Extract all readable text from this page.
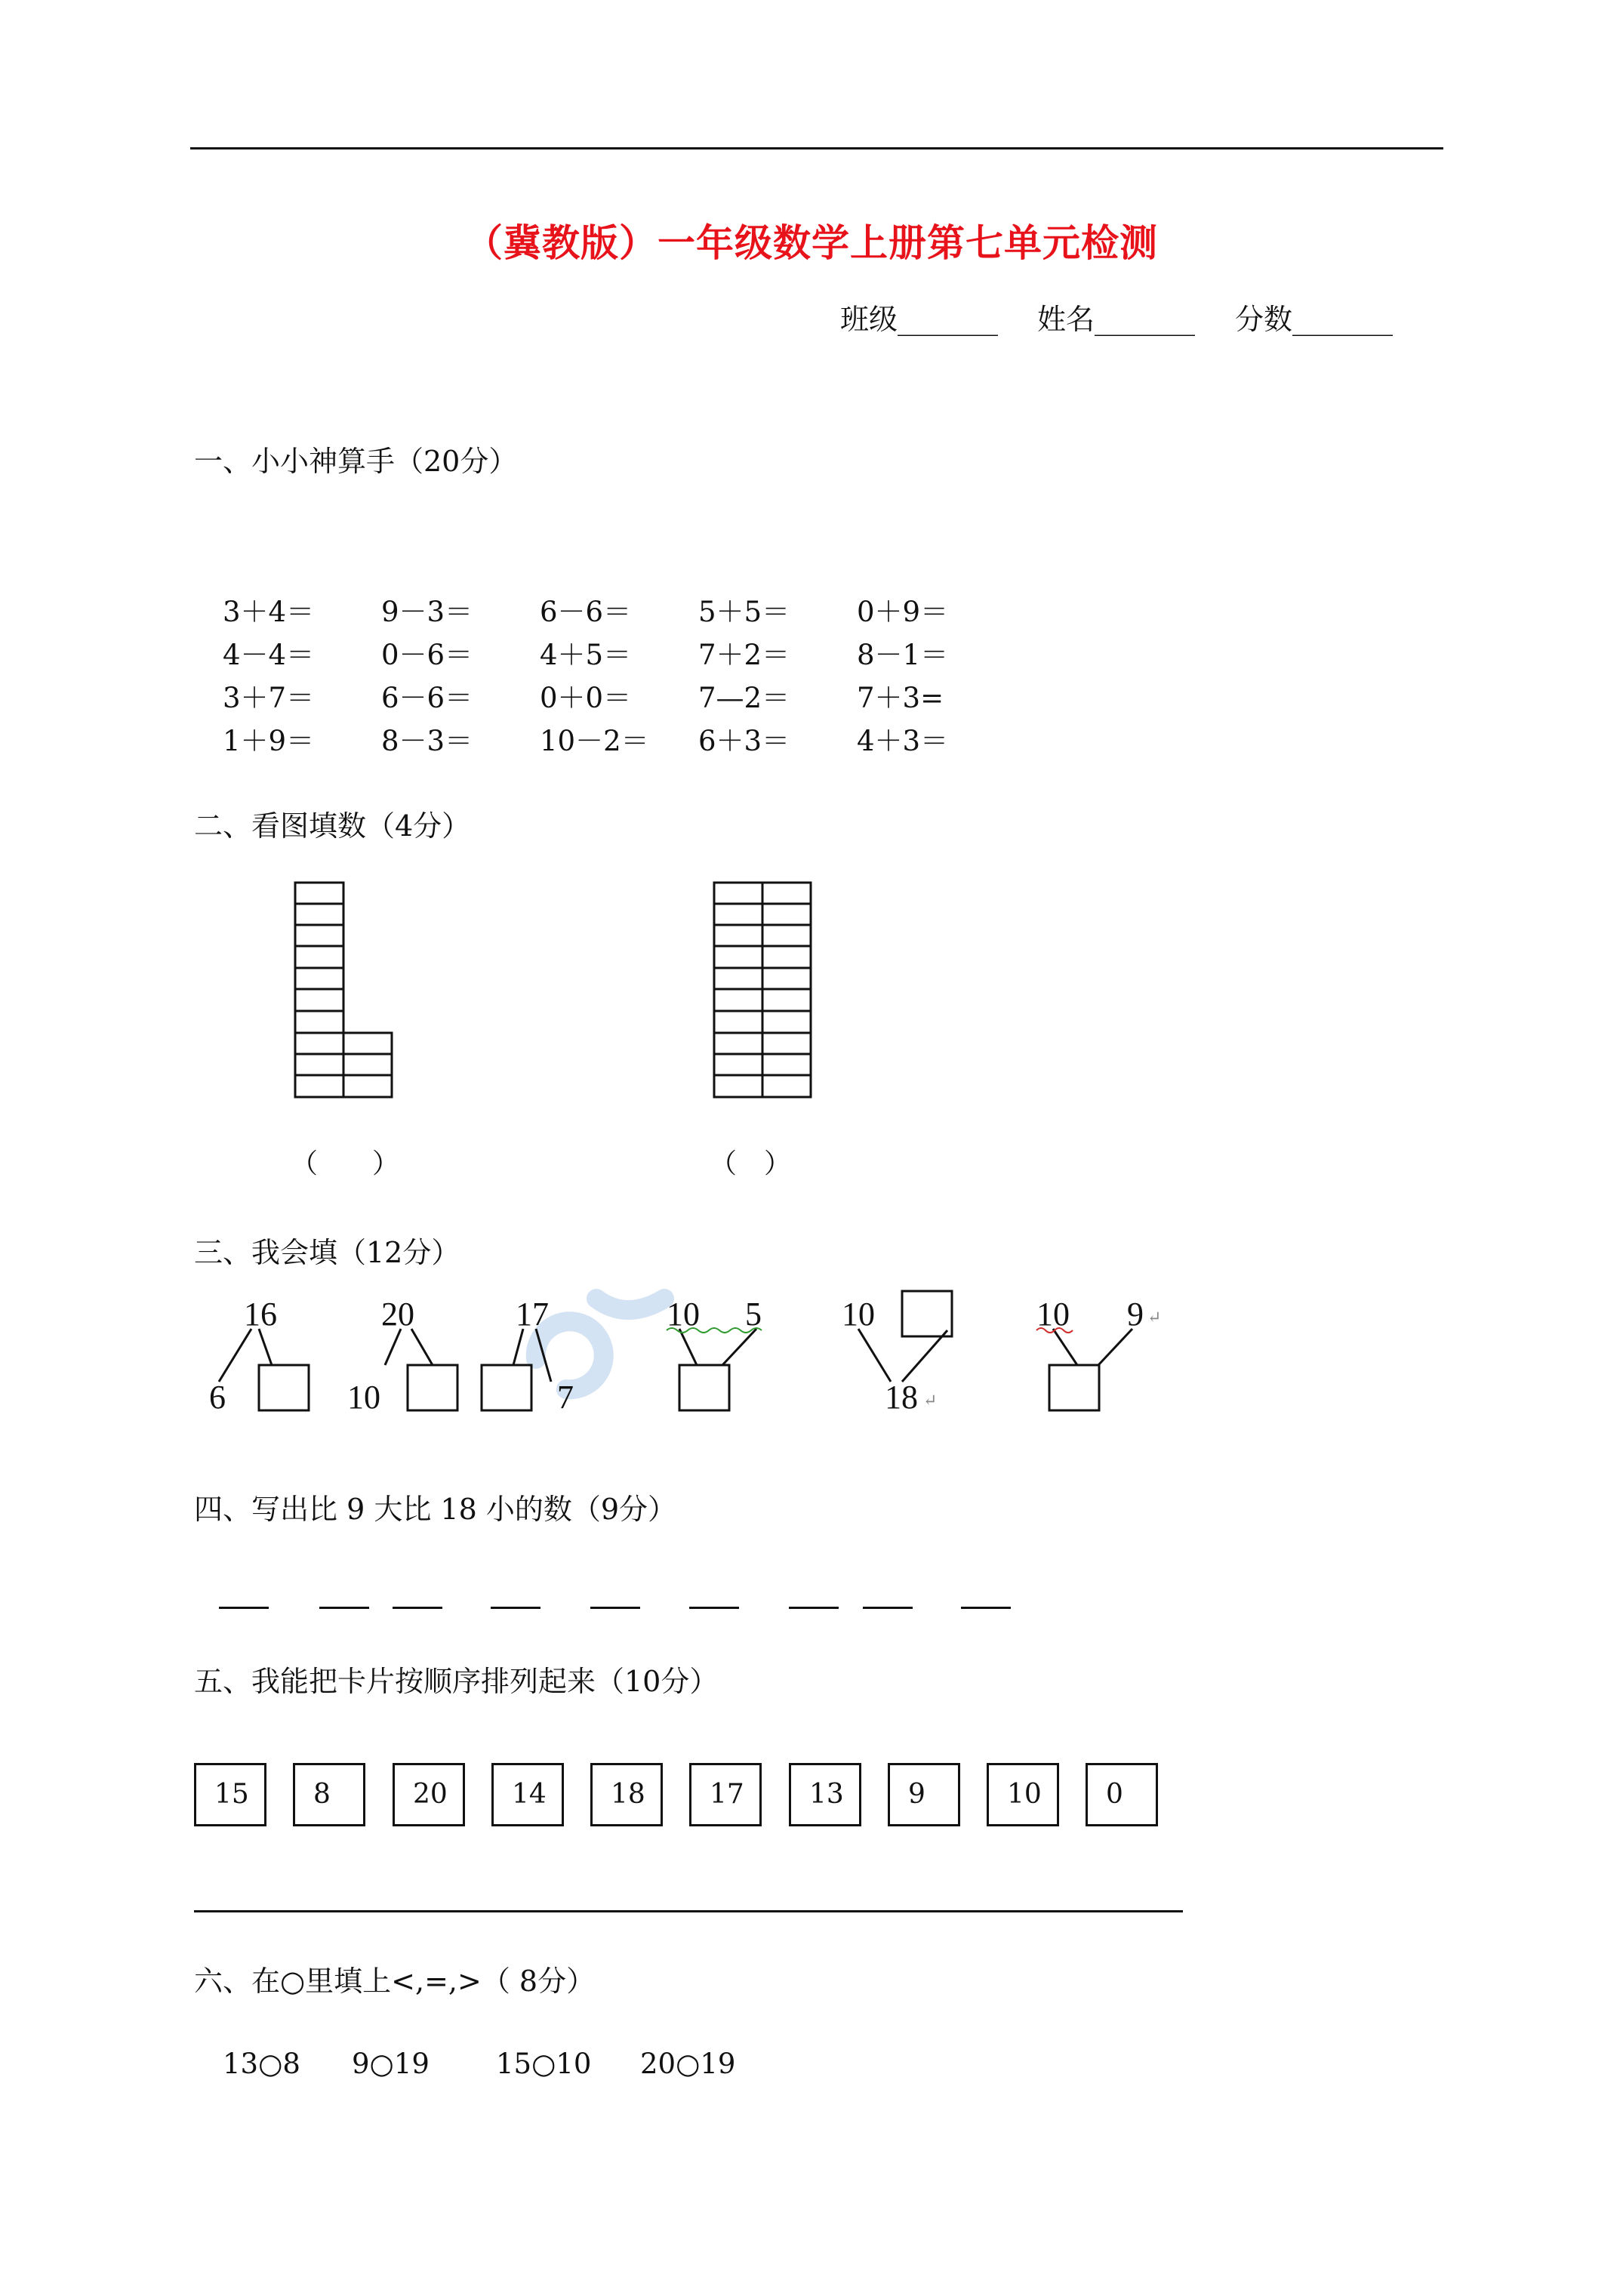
（冀教版）一年级数学上册第七单元检测
班级_______ 姓名_______ 分数_______
一、小小神算手（20分）
3＋4＝ 9－3＝ 6－6＝ 5＋5＝ 0＋9＝
4－4＝ 0－6＝ 4＋5＝ 7＋2＝ 8－1＝
3＋7＝ 6－6＝ 0＋0＝ 7—2＝ 7＋3=
1＋9＝ 8－3＝ 10－2＝ 6＋3＝ 4＋3＝
二、看图填数（4分）
（　　）	（　）
三、我会填（12分）
16
6
20
10
17
7
10 5 10
18
10 9 ↵
↵
四、写出比 9 大比 18 小的数（9分）
五、我能把卡片按顺序排列起来（10分）
15	8	20	14	18	17	13	9	10	0
六、在○里填上<,=,>（ 8分）
13○8 9○19 15○10 20○19
